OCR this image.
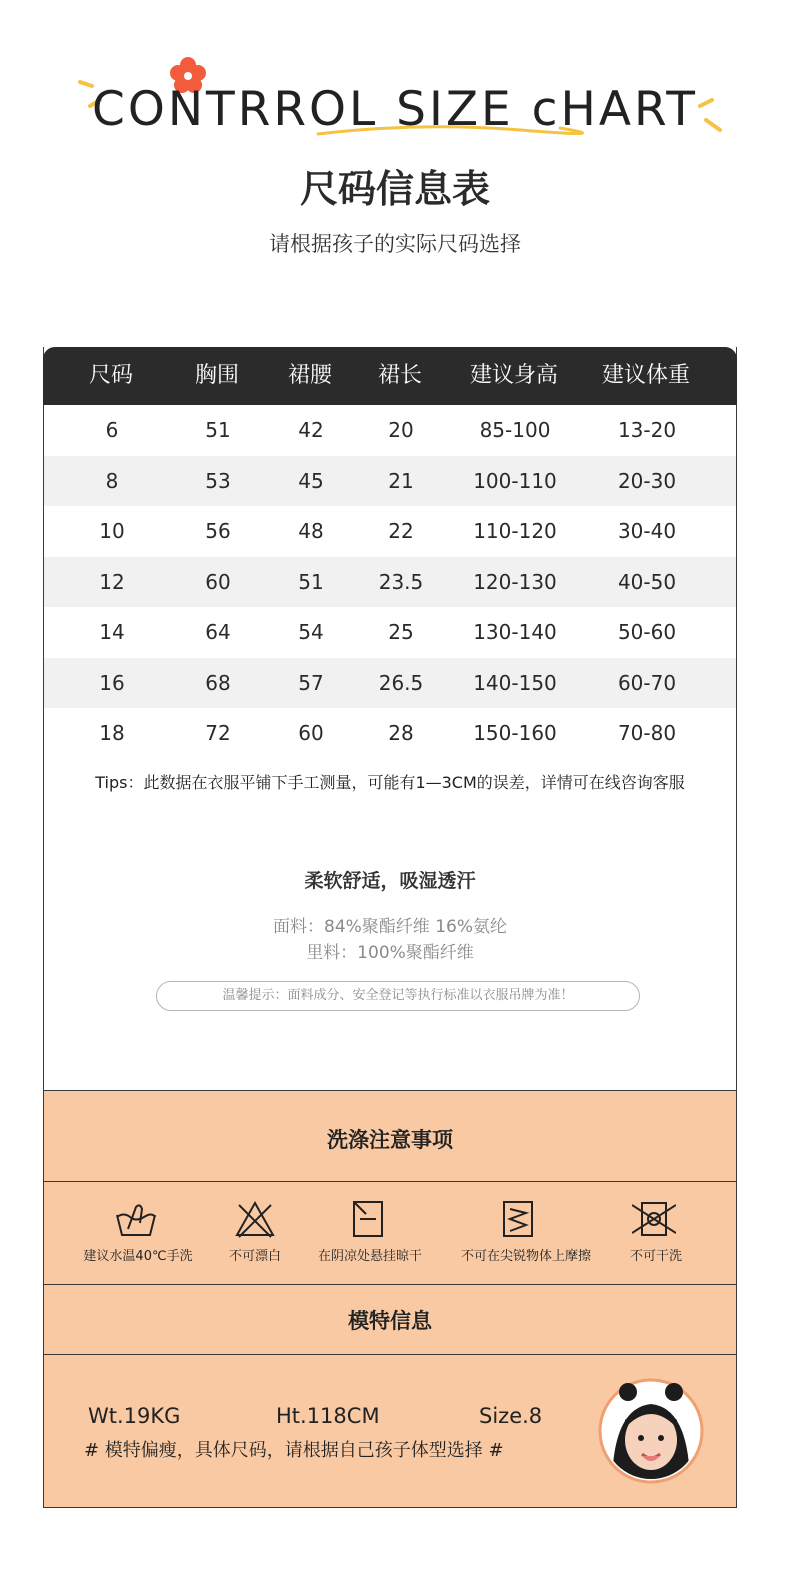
CONTRROL SIZE cHART
尺码信息表
请根据孩子的实际尺码选择
尺码	胸围	裙腰	裙长	建议身高	建议体重
6	51	42	20	85-100	13-20
8	53	45	21	100-110	20-30
10	56	48	22	110-120	30-40
12	60	51	23.5	120-130	40-50
14	64	54	25	130-140	50-60
16	68	57	26.5	140-150	60-70
18	72	60	28	150-160	70-80
Tips：此数据在衣服平铺下手工测量，可能有1—3CM的误差，详情可在线咨询客服
柔软舒适，吸湿透汗
面料：84%聚酯纤维 16%氨纶
里料：100%聚酯纤维
温馨提示：面料成分、安全登记等执行标准以衣服吊牌为准！
洗涤注意事项
建议水温40℃手洗	不可漂白	在阴凉处悬挂晾干	不可在尖锐物体上摩擦	不可干洗
模特信息
Wt.19KG	Ht.118CM	Size.8
# 模特偏瘦，具体尺码，请根据自己孩子体型选择 #
